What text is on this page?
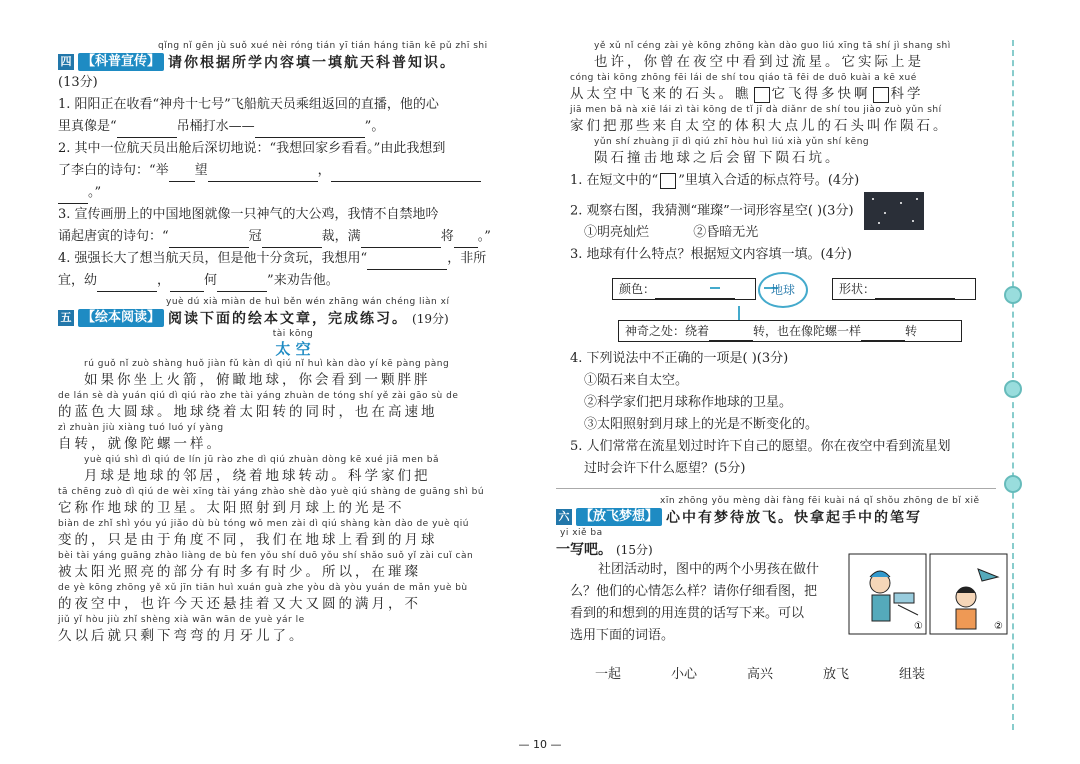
qǐng nǐ gēn jù suǒ xué nèi róng tián yī tián háng tiān kē pǔ zhī shi
四 【科普宣传】 请你根据所学内容填一填航天科普知识。
(13分)
1. 阳阳正在收看“神舟十七号”飞船航天员乘组返回的直播，他的心
里真像是“	吊桶打水——	”。
2. 其中一位航天员出舱后深切地说：“我想回家乡看看。”由此我想到
了李白的诗句：“举 望	，
。”
3. 宣传画册上的中国地图就像一只神气的大公鸡，我情不自禁地吟
诵起唐寅的诗句：“	冠	裁，满	将 。”
4. 强强长大了想当航天员，但是他十分贪玩，我想用“	，非所
宜，幼	，	何	”来劝告他。
yuè dú xià miàn de huì běn wén zhāng wán chéng liàn xí
五 【绘本阅读】 阅读下面的绘本文章，完成练习。 (19分)
tài kōng
太 空
rú guǒ nǐ zuò shàng huǒ jiàn fǔ kàn dì qiú nǐ huì kàn dào yí kē pàng pàng
如果你坐上火箭，俯瞰地球，你会看到一颗胖胖
de lán sè dà yuán qiú dì qiú rào zhe tài yáng zhuàn de tóng shí yě zài gāo sù de
的蓝色大圆球。地球绕着太阳转的同时，也在高速地
zì zhuàn jiù xiàng tuó luó yí yàng
自转，就像陀螺一样。
yuè qiú shì dì qiú de lín jū rào zhe dì qiú zhuàn dòng kē xué jiā men bǎ
月球是地球的邻居，绕着地球转动。科学家们把
tā chēng zuò dì qiú de wèi xīng tài yáng zhào shè dào yuè qiú shàng de guāng shì bú
它称作地球的卫星。太阳照射到月球上的光是不
biàn de zhǐ shì yóu yú jiǎo dù bù tóng wǒ men zài dì qiú shàng kàn dào de yuè qiú
变的，只是由于角度不同，我们在地球上看到的月球
bèi tài yáng guāng zhào liàng de bù fen yǒu shí duō yǒu shí shǎo suǒ yǐ zài cuǐ càn
被太阳光照亮的部分有时多有时少。所以，在璀璨
de yè kōng zhōng yě xǔ jīn tiān huì xuán guà zhe yòu dà yòu yuán de mǎn yuè bù
的夜空中，也许今天还悬挂着又大又圆的满月，不
jiǔ yǐ hòu jiù zhǐ shèng xià wān wān de yuè yár le
久以后就只剩下弯弯的月牙儿了。
yě xǔ nǐ céng zài yè kōng zhōng kàn dào guo liú xīng tā shí jì shang shì
也许，你曾在夜空中看到过流星。它实际上是
cóng tài kōng zhōng fēi lái de shí tou qiáo tā fēi de duō kuài a kē xué
从太空中飞来的石头。瞧 它飞得多快啊 科学
jiā men bǎ nà xiē lái zì tài kōng de tǐ jī dà diǎnr de shí tou jiào zuò yǔn shí
家们把那些来自太空的体积大点儿的石头叫作陨石。
yǔn shí zhuàng jī dì qiú zhī hòu huì liú xià yǔn shí kēng
陨石撞击地球之后会留下陨石坑。
1. 在短文中的“ ”里填入合适的标点符号。(4分)
2. 观察右图，我猜测“璀璨”一词形容星空( )(3分)
①明亮灿烂	②昏暗无光
3. 地球有什么特点？根据短文内容填一填。(4分)
颜色：	地球	形状：
神奇之处：绕着	转，也在像陀螺一样	转
4. 下列说法中不正确的一项是( )(3分)
①陨石来自太空。
②科学家们把月球称作地球的卫星。
③太阳照射到月球上的光是不断变化的。
5. 人们常常在流星划过时许下自己的愿望。你在夜空中看到流星划
过时会许下什么愿望？(5分)
xīn zhōng yǒu mèng dài fàng fēi kuài ná qǐ shǒu zhōng de bǐ xiě
六 【放飞梦想】 心中有梦待放飞。快拿起手中的笔写
yi xiě ba
一写吧。 (15分)
社团活动时，图中的两个小男孩在做什
么？他们的心情怎么样？请你仔细看图，把
看到的和想到的用连贯的话写下来。可以
选用下面的词语。
①	②
一起	小心	高兴	放飞	组装
— 10 —
